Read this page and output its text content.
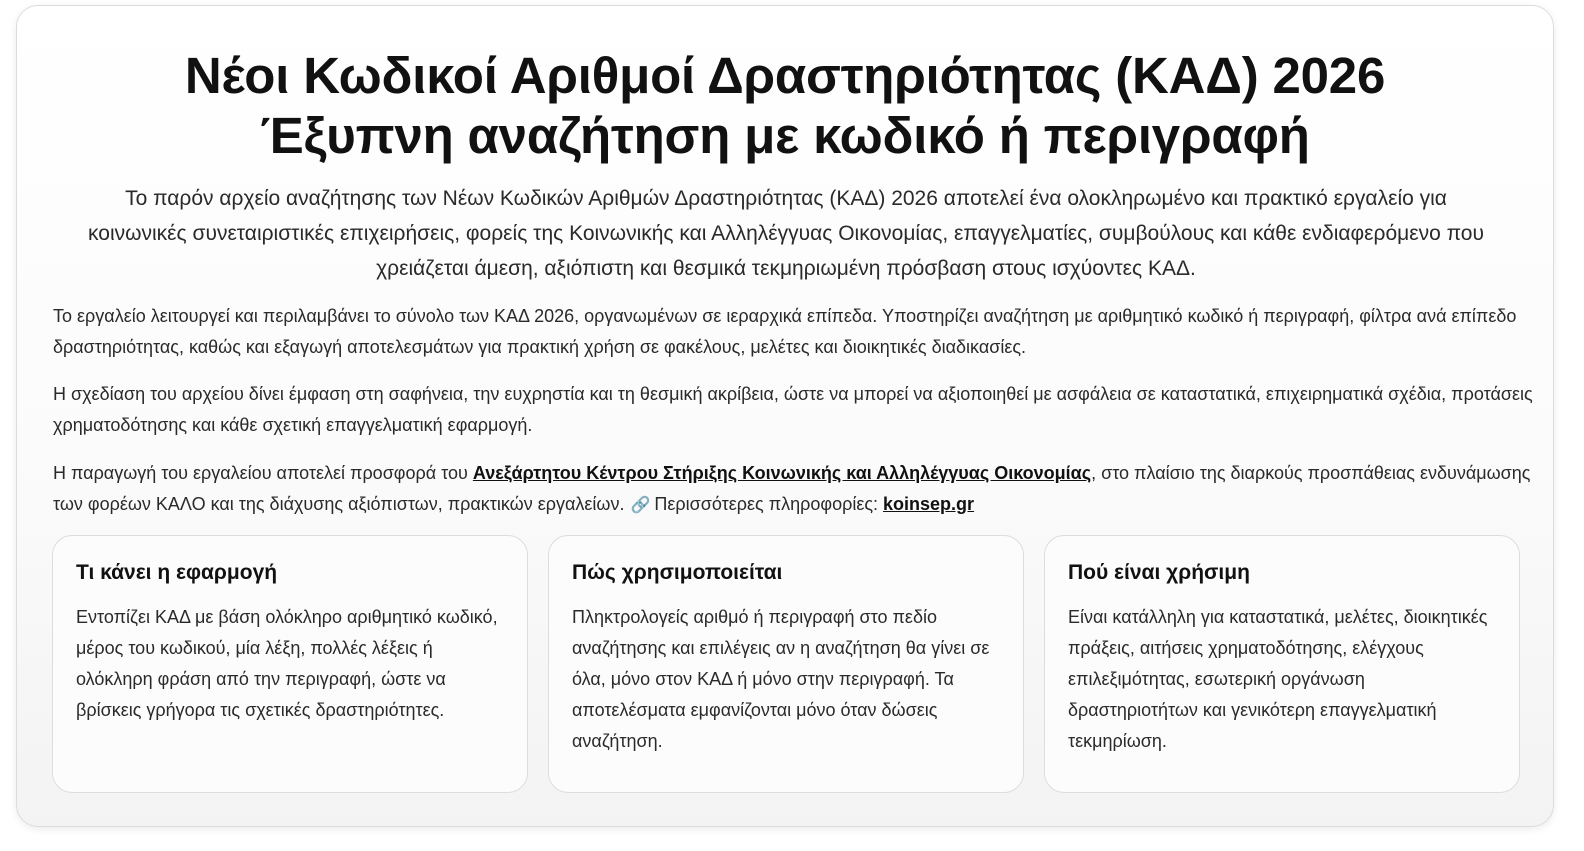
Νέοι Κωδικοί Αριθμοί Δραστηριότητας (ΚΑΔ) 2026
Έξυπνη αναζήτηση με κωδικό ή περιγραφή

Το παρόν αρχείο αναζήτησης των Νέων Κωδικών Αριθμών Δραστηριότητας (ΚΑΔ) 2026 αποτελεί ένα ολοκληρωμένο και πρακτικό εργαλείο για κοινωνικές συνεταιριστικές επιχειρήσεις, φορείς της Κοινωνικής και Αλληλέγγυας Οικονομίας, επαγγελματίες, συμβούλους και κάθε ενδιαφερόμενο που χρειάζεται άμεση, αξιόπιστη και θεσμικά τεκμηριωμένη πρόσβαση στους ισχύοντες ΚΑΔ.

Το εργαλείο λειτουργεί και περιλαμβάνει το σύνολο των ΚΑΔ 2026, οργανωμένων σε ιεραρχικά επίπεδα. Υποστηρίζει αναζήτηση με αριθμητικό κωδικό ή περιγραφή, φίλτρα ανά επίπεδο δραστηριότητας, καθώς και εξαγωγή αποτελεσμάτων για πρακτική χρήση σε φακέλους, μελέτες και διοικητικές διαδικασίες.

Η σχεδίαση του αρχείου δίνει έμφαση στη σαφήνεια, την ευχρηστία και τη θεσμική ακρίβεια, ώστε να μπορεί να αξιοποιηθεί με ασφάλεια σε καταστατικά, επιχειρηματικά σχέδια, προτάσεις χρηματοδότησης και κάθε σχετική επαγγελματική εφαρμογή.

Η παραγωγή του εργαλείου αποτελεί προσφορά του Ανεξάρτητου Κέντρου Στήριξης Κοινωνικής και Αλληλέγγυας Οικονομίας, στο πλαίσιο της διαρκούς προσπάθειας ενδυνάμωσης των φορέων ΚΑΛΟ και της διάχυσης αξιόπιστων, πρακτικών εργαλείων. 🔗 Περισσότερες πληροφορίες: koinsep.gr

Τι κάνει η εφαρμογή

Εντοπίζει ΚΑΔ με βάση ολόκληρο αριθμητικό κωδικό, μέρος του κωδικού, μία λέξη, πολλές λέξεις ή ολόκληρη φράση από την περιγραφή, ώστε να βρίσκεις γρήγορα τις σχετικές δραστηριότητες.

Πώς χρησιμοποιείται

Πληκτρολογείς αριθμό ή περιγραφή στο πεδίο αναζήτησης και επιλέγεις αν η αναζήτηση θα γίνει σε όλα, μόνο στον ΚΑΔ ή μόνο στην περιγραφή. Τα αποτελέσματα εμφανίζονται μόνο όταν δώσεις αναζήτηση.

Πού είναι χρήσιμη

Είναι κατάλληλη για καταστατικά, μελέτες, διοικητικές πράξεις, αιτήσεις χρηματοδότησης, ελέγχους επιλεξιμότητας, εσωτερική οργάνωση δραστηριοτήτων και γενικότερη επαγγελματική τεκμηρίωση.
